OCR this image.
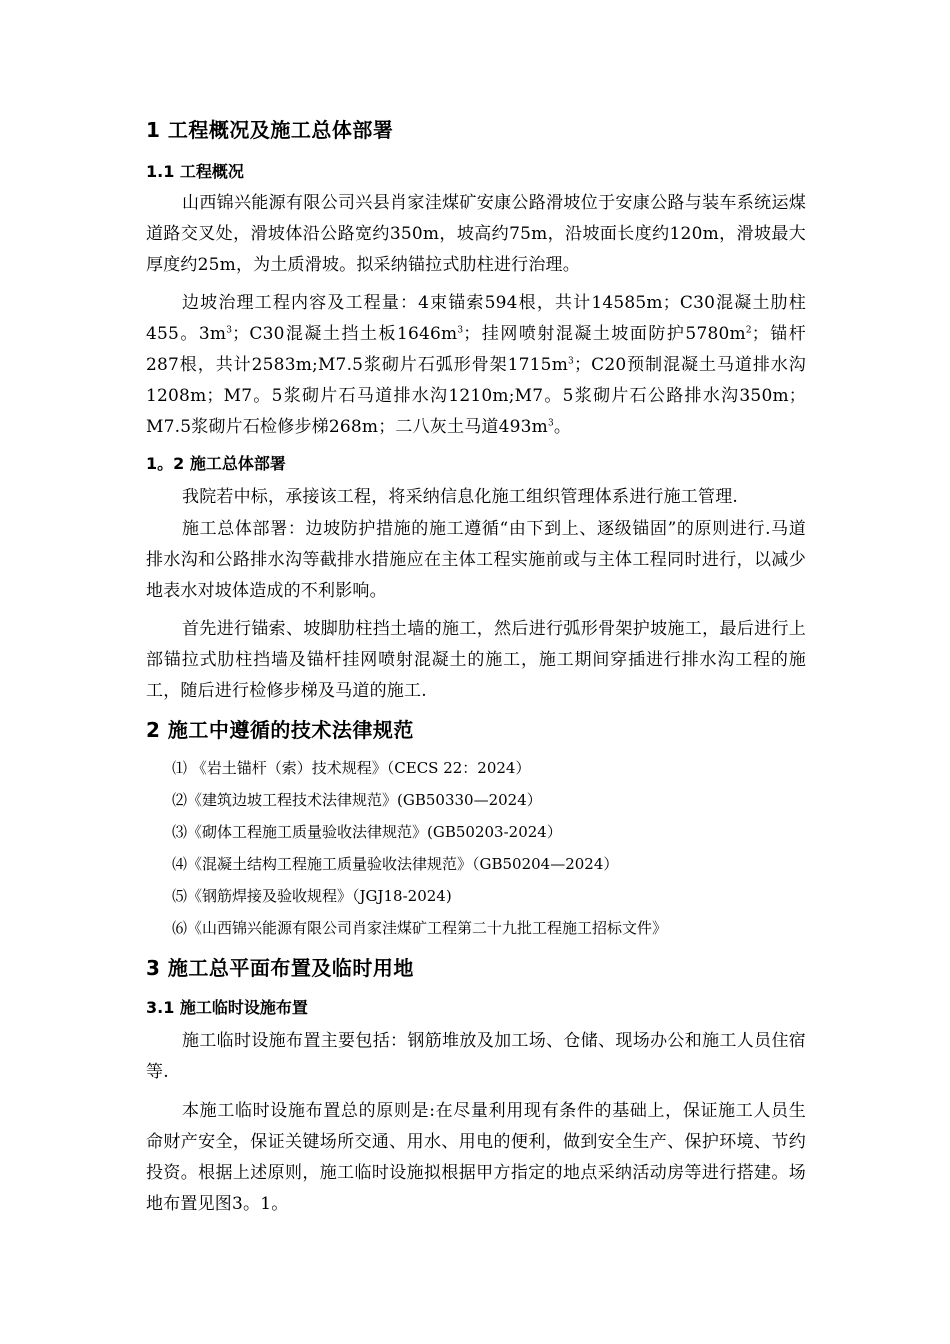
1 工程概况及施工总体部署
1.1 工程概况

山西锦兴能源有限公司兴县肖家洼煤矿安康公路滑坡位于安康公路与装车系统运煤道路交叉处，滑坡体沿公路宽约350m，坡高约75m，沿坡面长度约120m，滑坡最大厚度约25m，为土质滑坡。拟采纳锚拉式肋柱进行治理。

边坡治理工程内容及工程量：4束锚索594根，共计14585m；C30混凝土肋柱455。$3m^3$；C30混凝土挡土板$1646m^3$；挂网喷射混凝土坡面防护$5780m^2$；锚杆287根，共计2583m;M7.5浆砌片石弧形骨架$1715m^3$；C20预制混凝土马道排水沟1208m；M7。5浆砌片石马道排水沟1210m;M7。5浆砌片石公路排水沟350m；M7.5浆砌片石检修步梯268m；二八灰土马道$493m^3$。

1。2 施工总体部署

我院若中标，承接该工程，将采纳信息化施工组织管理体系进行施工管理.

施工总体部署：边坡防护措施的施工遵循“由下到上、逐级锚固”的原则进行.马道排水沟和公路排水沟等截排水措施应在主体工程实施前或与主体工程同时进行，以减少地表水对坡体造成的不利影响。

首先进行锚索、坡脚肋柱挡土墙的施工，然后进行弧形骨架护坡施工，最后进行上部锚拉式肋柱挡墙及锚杆挂网喷射混凝土的施工，施工期间穿插进行排水沟工程的施工，随后进行检修步梯及马道的施工.

2 施工中遵循的技术法律规范

⑴ 《岩土锚杆（索）技术规程》（CECS 22：2024）

⑵《建筑边坡工程技术法律规范》(GB50330—2024）

⑶《砌体工程施工质量验收法律规范》(GB50203-2024）

⑷《混凝土结构工程施工质量验收法律规范》（GB50204—2024）

⑸《钢筋焊接及验收规程》（JGJ18-2024)

⑹《山西锦兴能源有限公司肖家洼煤矿工程第二十九批工程施工招标文件》

3 施工总平面布置及临时用地
3.1 施工临时设施布置

施工临时设施布置主要包括：钢筋堆放及加工场、仓储、现场办公和施工人员住宿等.

本施工临时设施布置总的原则是:在尽量利用现有条件的基础上，保证施工人员生命财产安全，保证关键场所交通、用水、用电的便利，做到安全生产、保护环境、节约投资。根据上述原则，施工临时设施拟根据甲方指定的地点采纳活动房等进行搭建。场地布置见图3。1。
